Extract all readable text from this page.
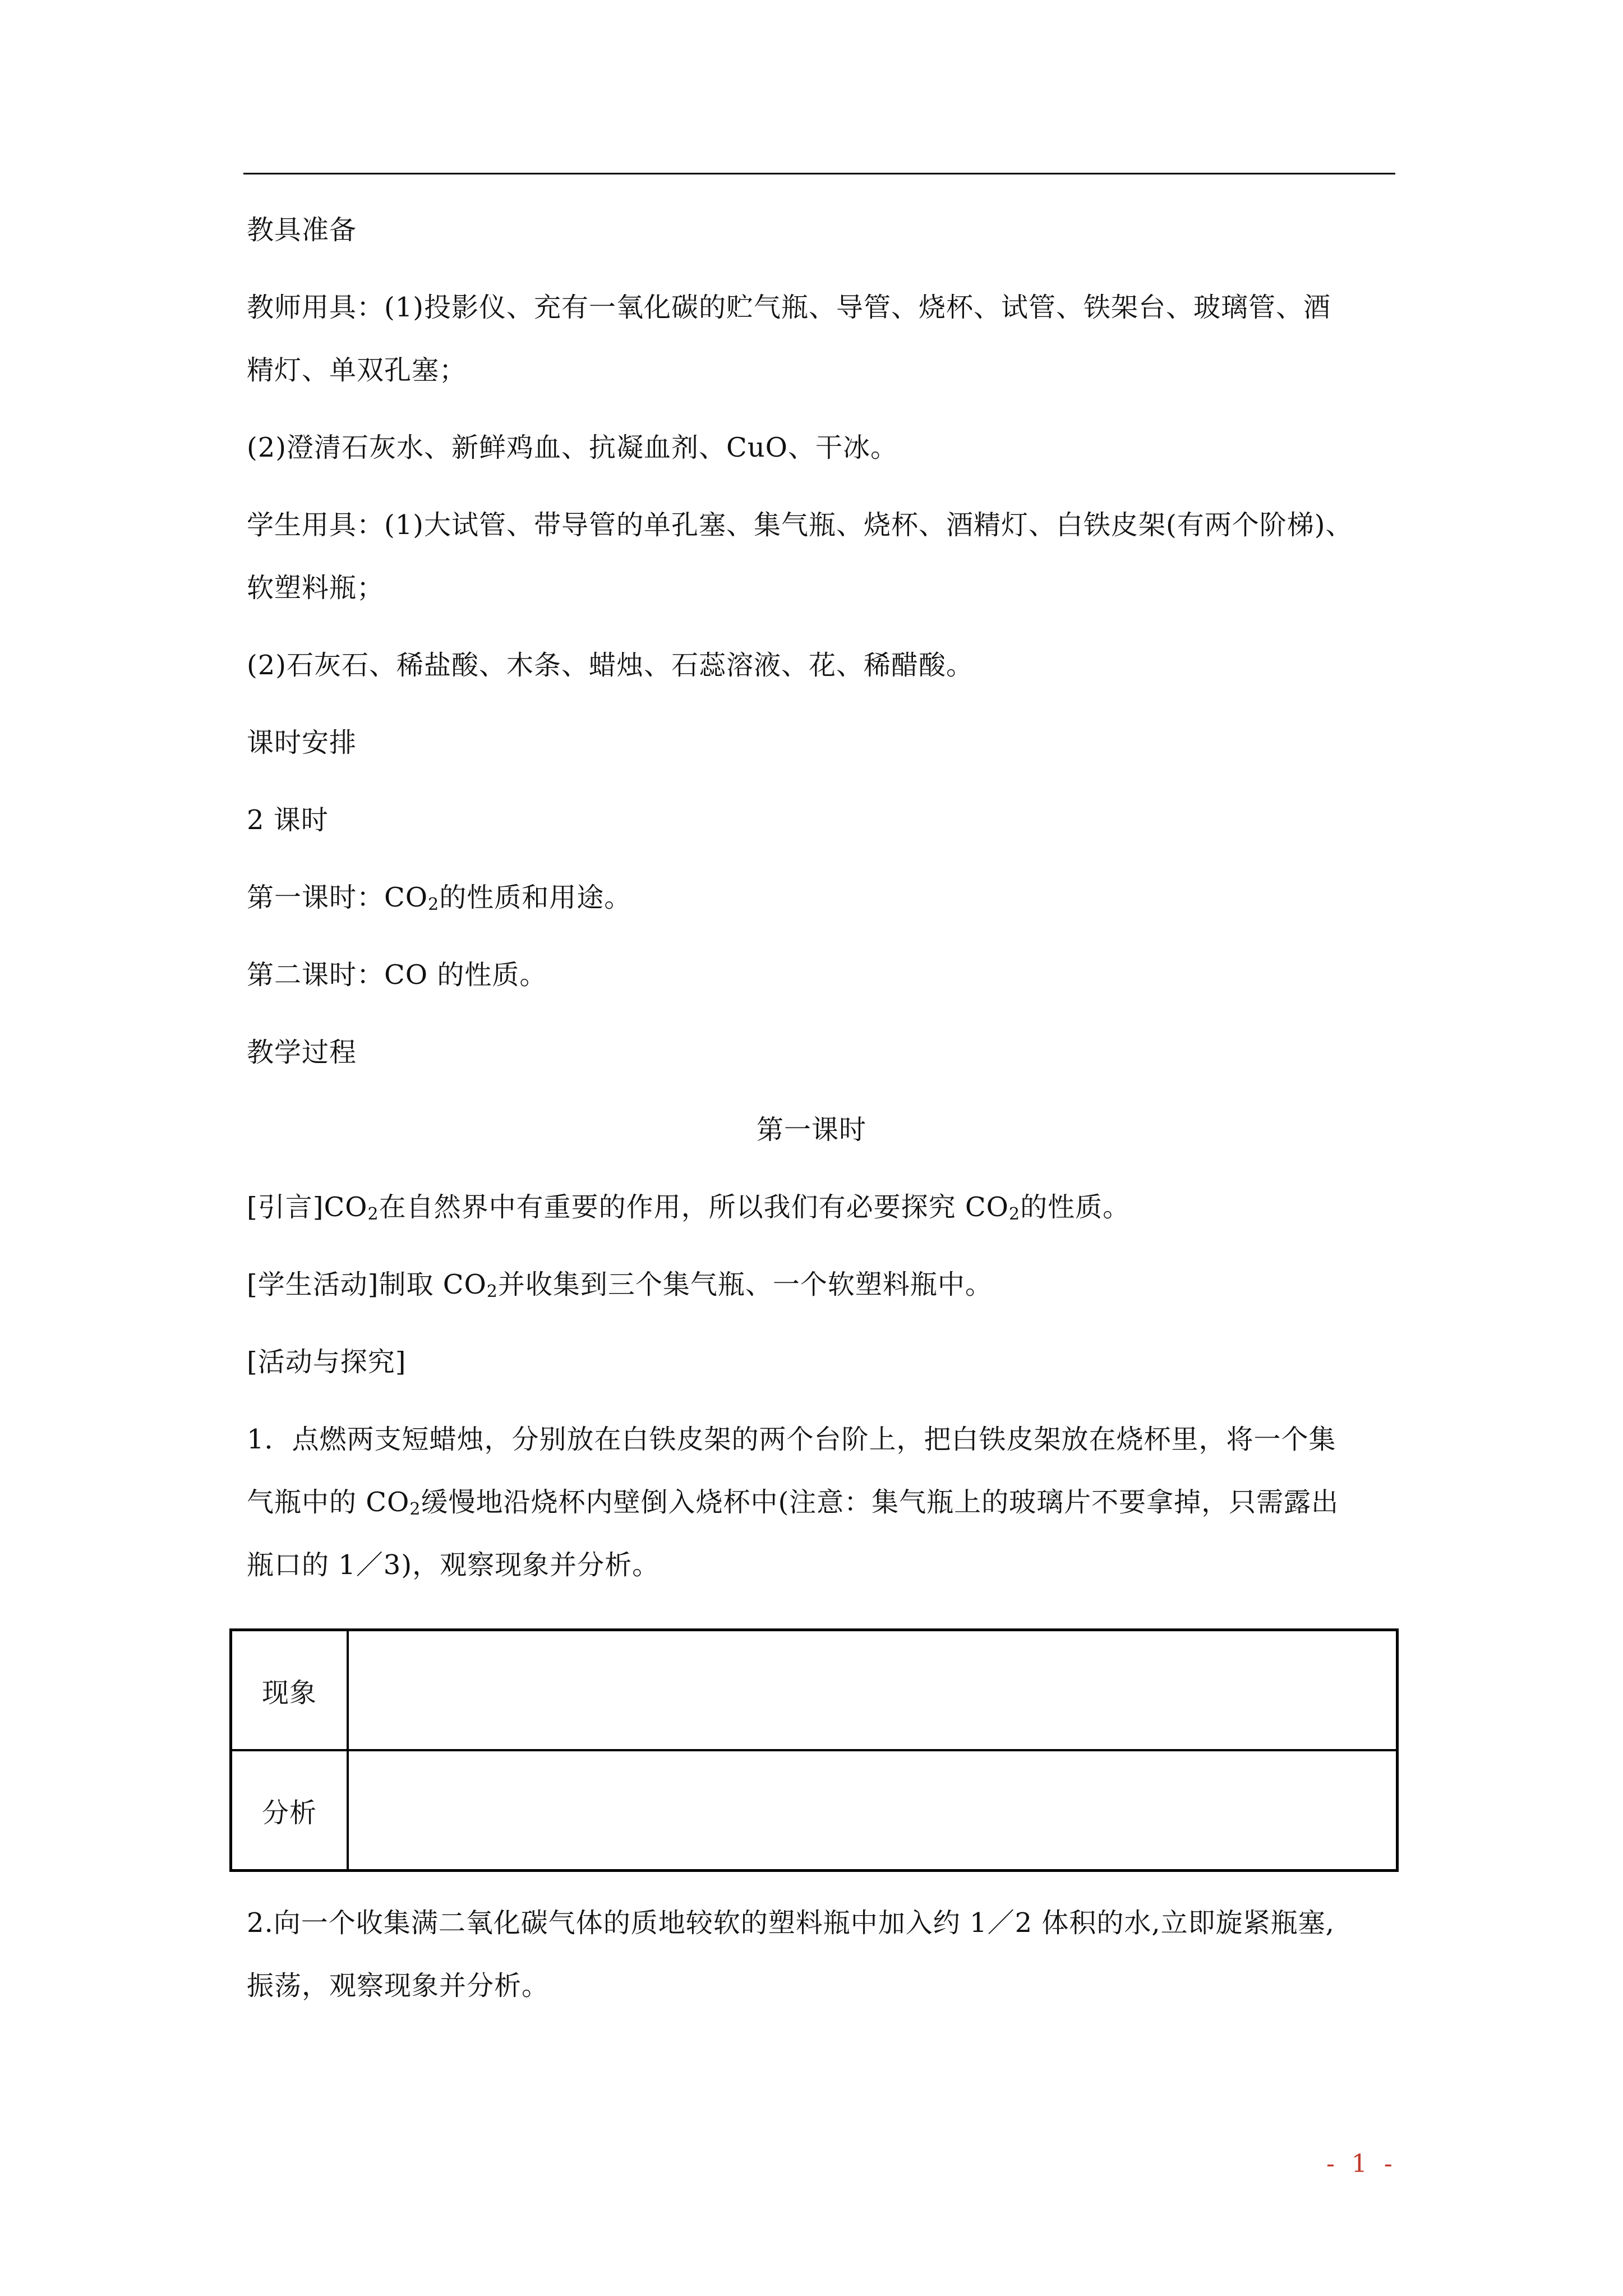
教具准备
教师用具：(1)投影仪、充有一氧化碳的贮气瓶、导管、烧杯、试管、铁架台、玻璃管、酒
精灯、单双孔塞；
(2)澄清石灰水、新鲜鸡血、抗凝血剂、CuO、干冰。
学生用具：(1)大试管、带导管的单孔塞、集气瓶、烧杯、酒精灯、白铁皮架(有两个阶梯)、
软塑料瓶；
(2)石灰石、稀盐酸、木条、蜡烛、石蕊溶液、花、稀醋酸。
课时安排
2 课时
第一课时：$CO_2$的性质和用途。
第二课时：CO 的性质。
教学过程
第一课时
[引言]$CO_2$在自然界中有重要的作用，所以我们有必要探究 $CO_2$的性质。
[学生活动]制取 $CO_2$并收集到三个集气瓶、一个软塑料瓶中。
[活动与探究]
1．点燃两支短蜡烛，分别放在白铁皮架的两个台阶上，把白铁皮架放在烧杯里，将一个集
气瓶中的 $CO_2$缓慢地沿烧杯内壁倒入烧杯中(注意：集气瓶上的玻璃片不要拿掉，只需露出
瓶口的 1／3)，观察现象并分析。
现象
分析
2.向一个收集满二氧化碳气体的质地较软的塑料瓶中加入约 1／2 体积的水,立即旋紧瓶塞,
振荡，观察现象并分析。
- 1 -
